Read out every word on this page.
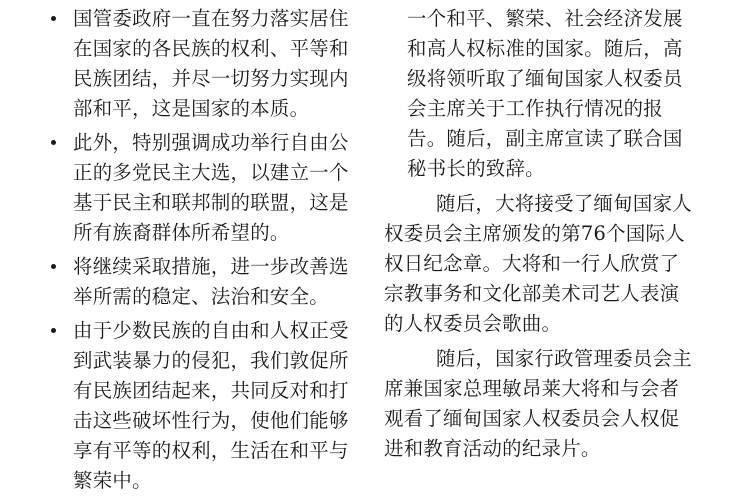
国管委政府一直在努力落实居住
在国家的各民族的权利、平等和
民族团结，并尽一切努力实现内
部和平，这是国家的本质。
此外，特别强调成功举行自由公
正的多党民主大选，以建立一个
基于民主和联邦制的联盟，这是
所有族裔群体所希望的。
将继续采取措施，进一步改善选
举所需的稳定、法治和安全。
由于少数民族的自由和人权正受
到武装暴力的侵犯，我们敦促所
有民族团结起来，共同反对和打
击这些破坏性行为，使他们能够
享有平等的权利，生活在和平与
繁荣中。
一个和平、繁荣、社会经济发展
和高人权标准的国家。随后，高
级将领听取了缅甸国家人权委员
会主席关于工作执行情况的报
告。随后，副主席宣读了联合国
秘书长的致辞。
随后，大将接受了缅甸国家人
权委员会主席颁发的第76个国际人
权日纪念章。大将和一行人欣赏了
宗教事务和文化部美术司艺人表演
的人权委员会歌曲。
随后，国家行政管理委员会主
席兼国家总理敏昂莱大将和与会者
观看了缅甸国家人权委员会人权促
进和教育活动的纪录片。
